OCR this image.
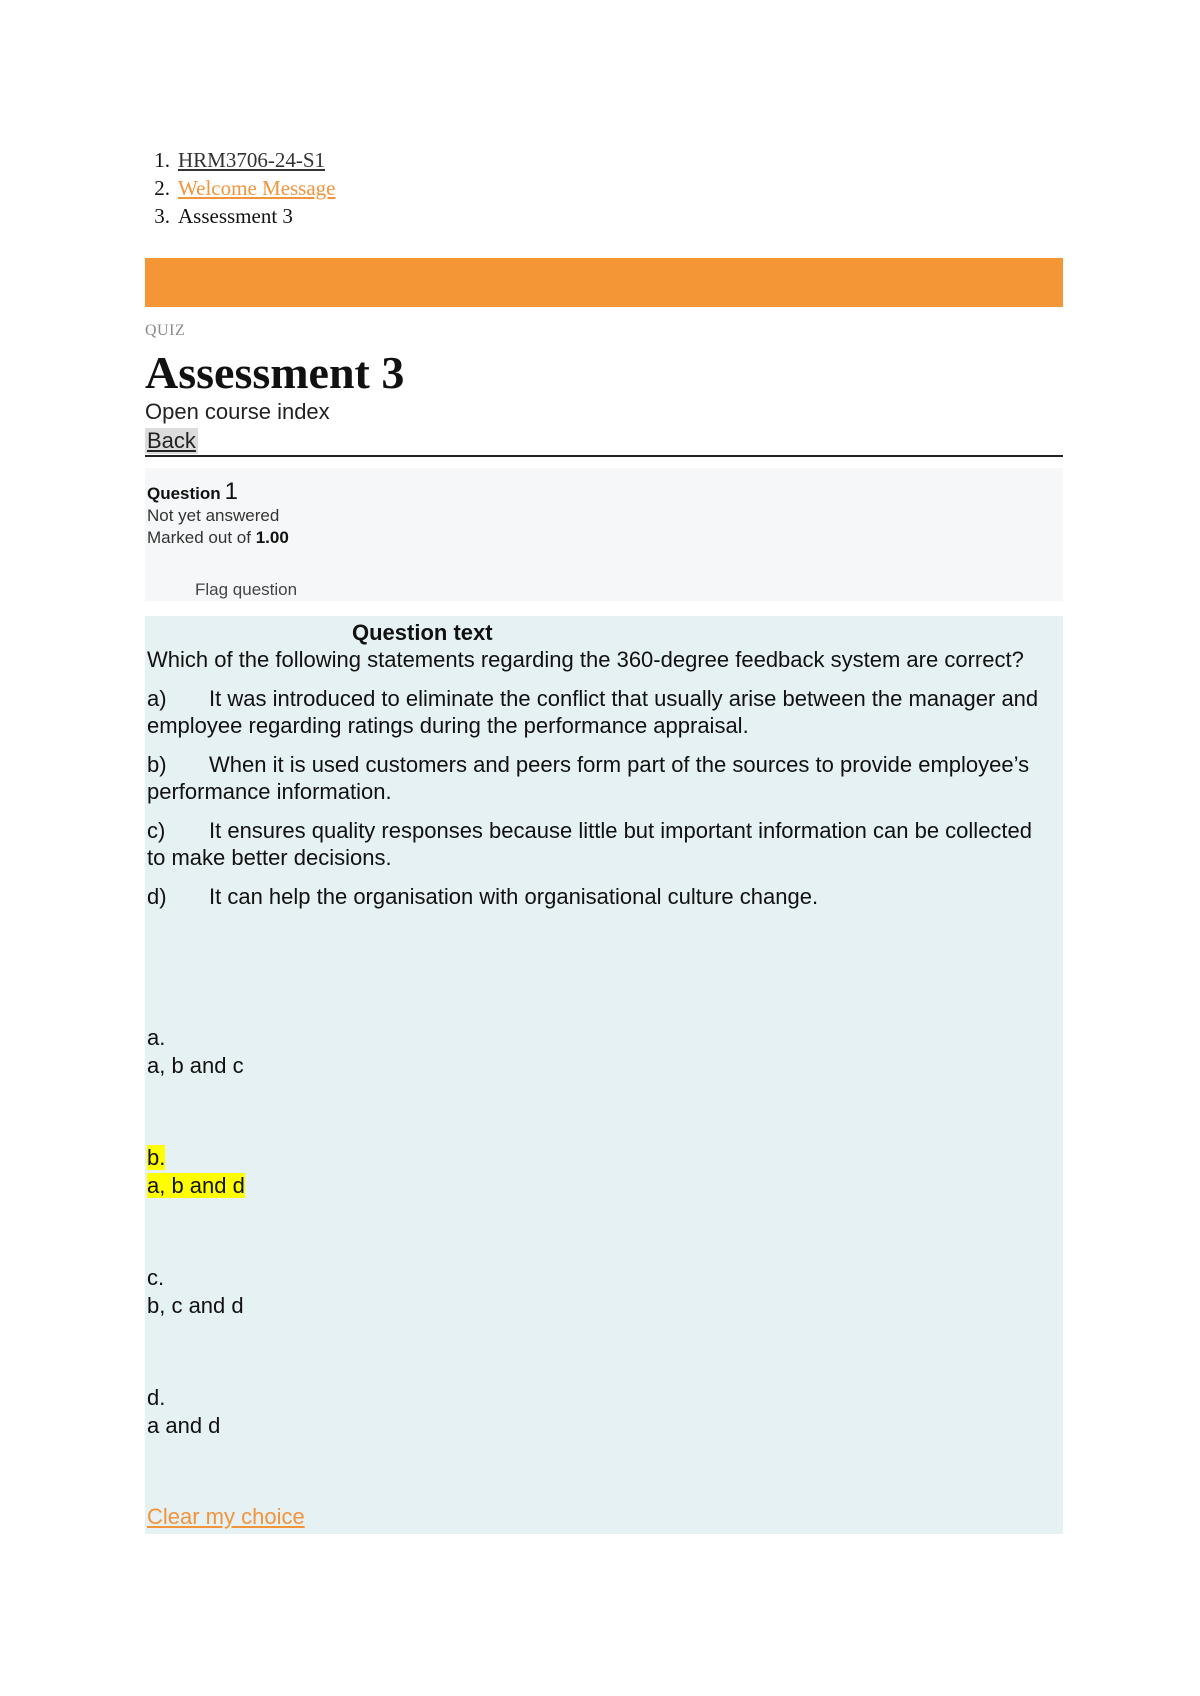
1. HRM3706-24-S1
2. Welcome Message
3. Assessment 3
QUIZ
Assessment 3
Open course index
Back
Question 1
Not yet answered
Marked out of 1.00
Flag question
Question text

Which of the following statements regarding the 360-degree feedback system are correct?

a) It was introduced to eliminate the conflict that usually arise between the manager and employee regarding ratings during the performance appraisal.

b) When it is used customers and peers form part of the sources to provide employee’s performance information.

c) It ensures quality responses because little but important information can be collected to make better decisions.

d) It can help the organisation with organisational culture change.

a.
a, b and c
b.
a, b and d
c.
b, c and d
d.
a and d
Clear my choice
